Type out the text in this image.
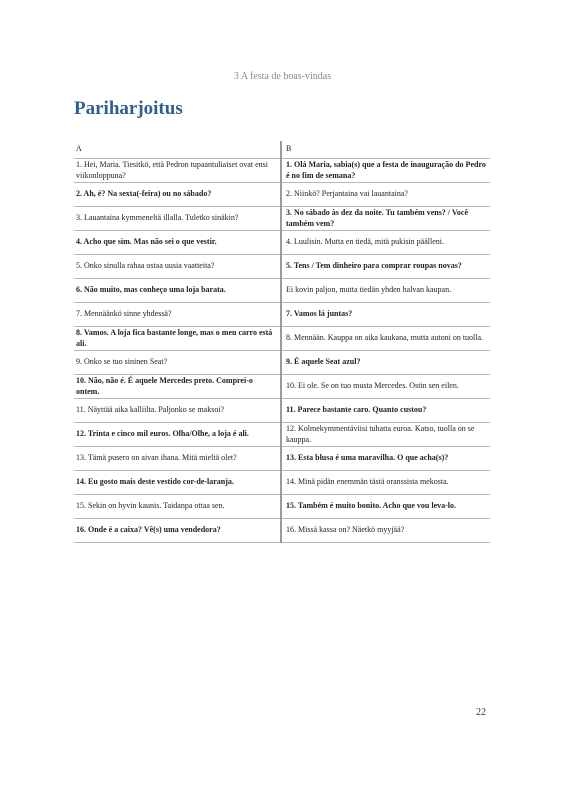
3 A festa de boas-vindas
Pariharjoitus
A	B
1. Hei, Maria. Tiesitkö, että Pedron tupaantuliaiset ovat ensi viikonloppuna?	1. Olá Maria, sabia(s) que a festa de inauguração do Pedro é no fim de semana?
2. Ah, é? Na sexta(-feira) ou no sábado?	2. Niinkö? Perjantaina vai lauantaina?
3. Lauantaina kymmeneltä illalla. Tuletko sinäkin?	3. No sábado às dez da noite. Tu também vens? / Você também vem?
4. Acho que sim. Mas não sei o que vestir.	4. Luulisin. Mutta en tiedä, mitä pukisin päälleni.
5. Onko sinulla rahaa ostaa uusia vaatteita?	5. Tens / Tem dinheiro para comprar roupas novas?
6. Não muito, mas conheço uma loja barata.	Ei kovin paljon, mutta tiedän yhden halvan kaupan.
7. Mennäänkö sinne yhdessä?	7. Vamos lá juntas?
8. Vamos. A loja fica bastante longe, mas o meu carro está ali.	8. Mennään. Kauppa on aika kaukana, mutta autoni on tuolla.
9. Onko se tuo sininen Seat?	9. É aquele Seat azul?
10. Não, não é. É aquele Mercedes preto. Comprei-o ontem.	10. Ei ole. Se on tuo musta Mercedes. Ostin sen eilen.
11. Näyttää aika kalliilta. Paljonko se maksoi?	11. Parece bastante caro. Quanto custou?
12. Trinta e cinco mil euros. Olha/Olhe, a loja é ali.	12. Kolmekymmentäviisi tuhatta euroa. Katso, tuolla on se kauppa.
13. Tämä pusero on aivan ihana. Mitä mieltä olet?	13. Esta blusa é uma maravilha. O que acha(s)?
14. Eu gosto mais deste vestido cor-de-laranja.	14. Minä pidän enemmän tästä oranssista mekosta.
15. Sekin on hyvin kaunis. Taidanpa ottaa sen.	15. Também é muito bonito. Acho que vou leva-lo.
16. Onde é a caixa? Vê(s) uma vendedora?	16. Missä kassa on? Näetkö myyjää?
22
